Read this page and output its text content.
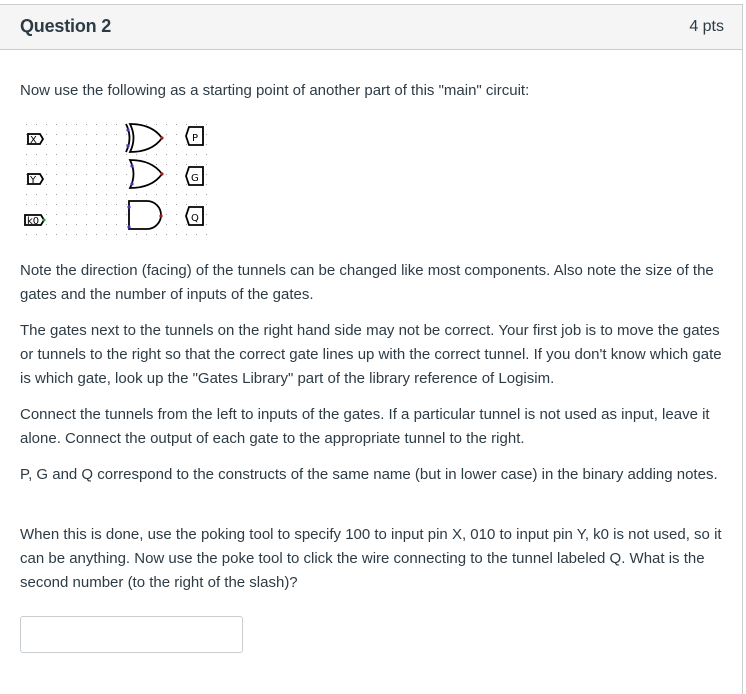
Question 2	4 pts

Now use the following as a starting point of another part of this "main" circuit:

X
Y
k0
P
G
Q

Note the direction (facing) of the tunnels can be changed like most components. Also note the size of the gates and the number of inputs of the gates.

The gates next to the tunnels on the right hand side may not be correct. Your first job is to move the gates or tunnels to the right so that the correct gate lines up with the correct tunnel. If you don't know which gate is which gate, look up the "Gates Library" part of the library reference of Logisim.

Connect the tunnels from the left to inputs of the gates. If a particular tunnel is not used as input, leave it alone. Connect the output of each gate to the appropriate tunnel to the right.

P, G and Q correspond to the constructs of the same name (but in lower case) in the binary adding notes.

When this is done, use the poking tool to specify 100 to input pin X, 010 to input pin Y, k0 is not used, so it can be anything. Now use the poke tool to click the wire connecting to the tunnel labeled Q. What is the second number (to the right of the slash)?
